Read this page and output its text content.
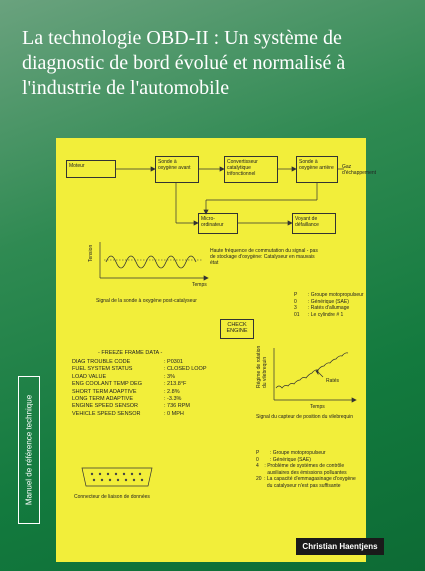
La technologie OBD-II : Un système de diagnostic de bord évolué et normalisé à l'industrie de l'automobile
Moteur
Sonde à oxygène avant
Convertisseur catalytique trifonctionnel
Sonde à oxygène arrière	Gaz d'échappement
Micro-ordinateur
Voyant de défaillance
Tension
Temps
Haute fréquence de commutation du signal - pas de stockage d'oxygène: Catalyseur en mauvais état
Signal de la sonde à oxygène post-catalyseur
P : Groupe motopropulseur
0 : Générique (SAE)
3 : Ratés d'allumage
01 : Le cylindre # 1
CHECK ENGINE
- FREEZE FRAME DATA -
DIAG TROUBLE CODE	: P0301
FUEL SYSTEM STATUS	: CLOSED LOOP
LOAD VALUE	: 3%
ENG COOLANT TEMP DEG	: 213.8°F
SHORT TERM ADAPTIVE	: 2.8%
LONG TERM ADAPTIVE	: -3.3%
ENGINE SPEED SENSOR	: 736 RPM
VEHICLE SPEED SENSOR	: 0 MPH
Régime de rotation du vilebrequin	Ratés
Temps
Signal du capteur de position du vilebrequin
Connecteur de liaison de données
P : Groupe motopropulseur
0 : Générique (SAE)
4	: Problème de systèmes de contrôle auxiliaires des émissions polluantes
20 : La capacité d'emmagasinage d'oxygène du catalyseur n'est pas suffisante
Manuel de référence technique
Christian Haentjens
